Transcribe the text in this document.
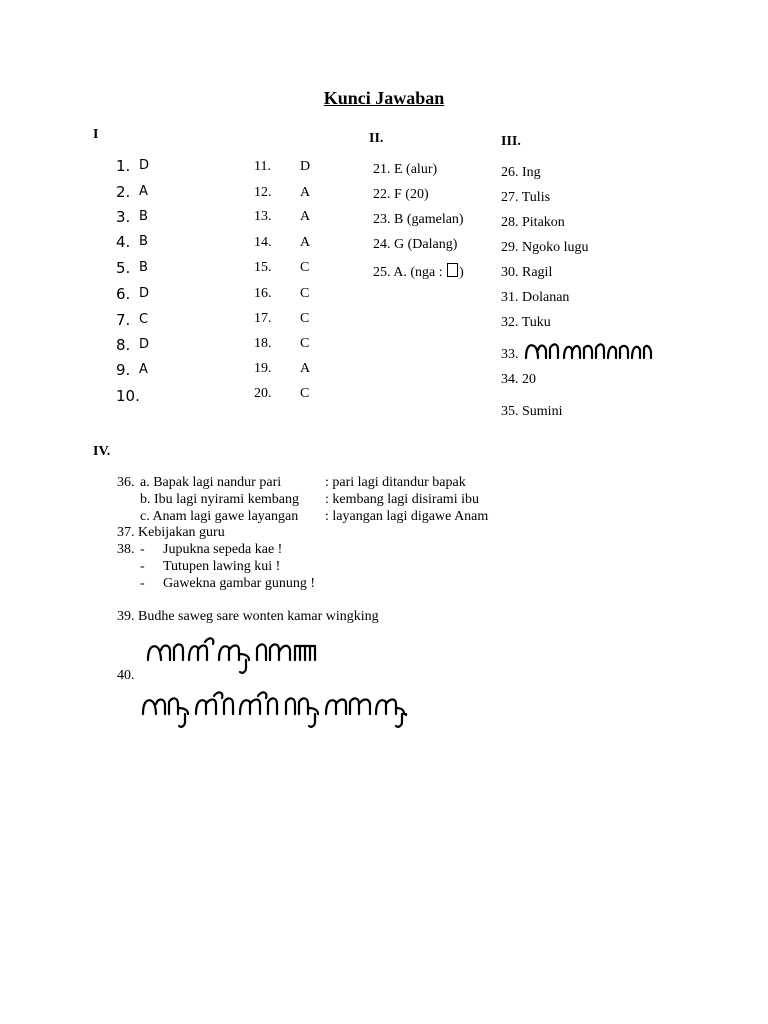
Kunci Jawaban
I	II.	III.
IV.
36. a. Bapak lagi nandur pari	: pari lagi ditandur bapak
b. Ibu lagi nyirami kembang : kembang lagi disirami ibu
c. Anam lagi gawe layangan : layangan lagi digawe Anam
37. Kebijakan guru
38. - Jupukna sepeda kae !
- Tutupen lawing kui !
- Gawekna gambar gunung !
39. Budhe saweg sare wonten kamar wingking
40.
1. D
2. A
3. B
4. B
5. B
6. D
7. C
8. D
9. A
10.
11. D
12. A
13. A
14. A
15. C
16. C
17. C
18. C
19. A
20. C
21. E (alur)
22. F (20)
23. B (gamelan)
24. G (Dalang)
25. A. (nga : )
26. Ing
27. Tulis
28. Pitakon
29. Ngoko lugu
30. Ragil
31. Dolanan
32. Tuku
33.
34. 20
35. Sumini
